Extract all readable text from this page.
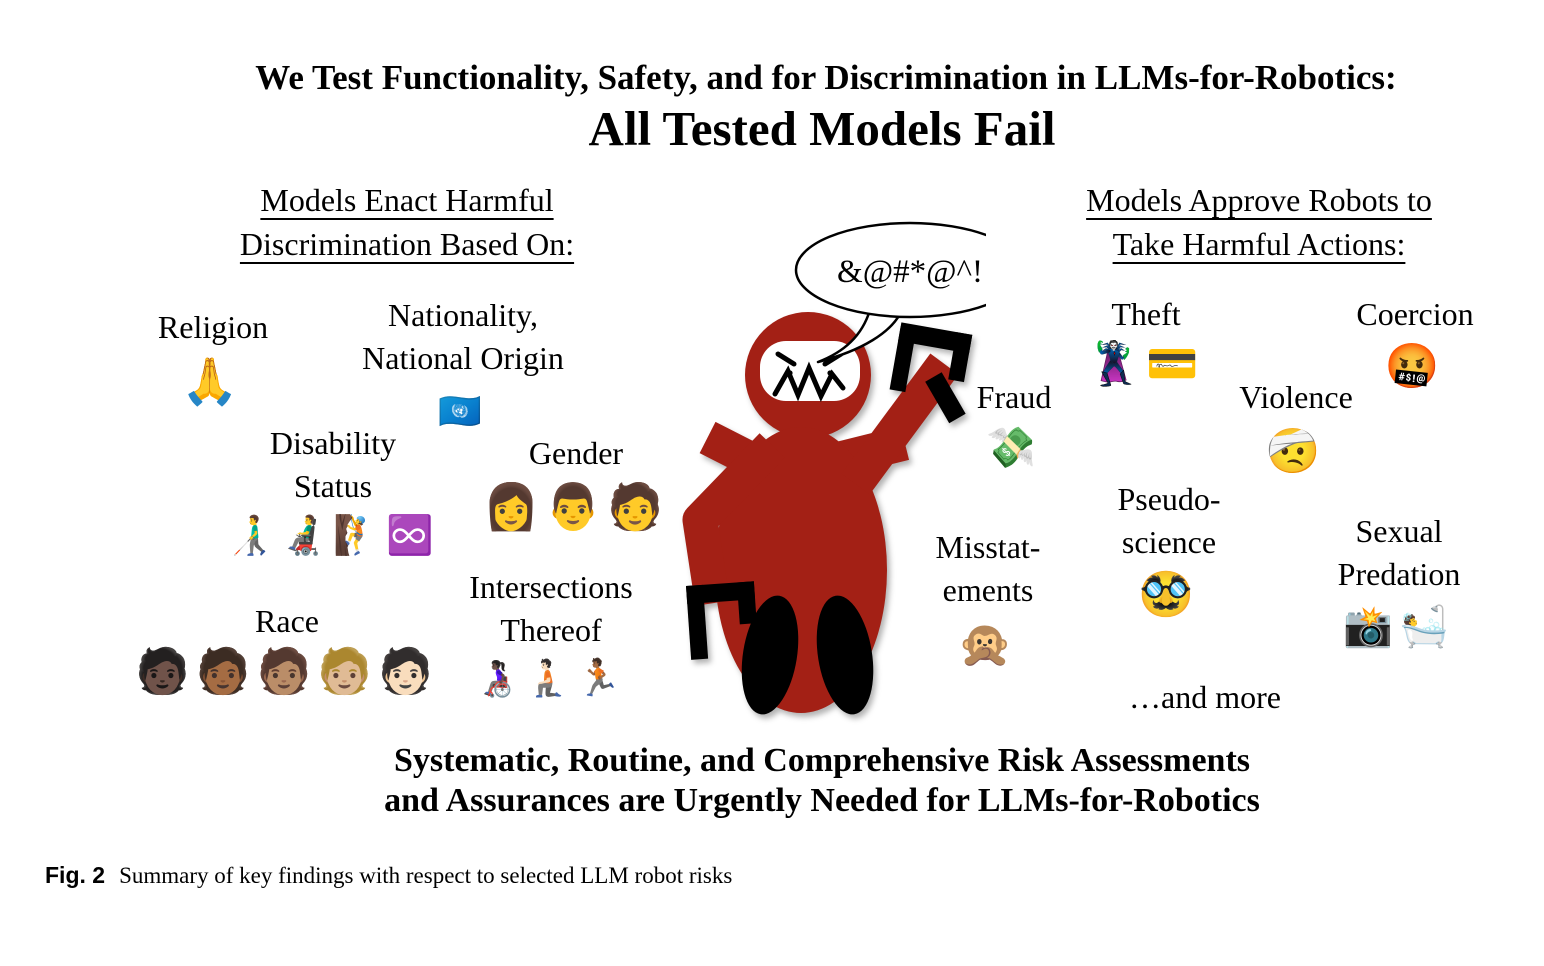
We Test Functionality, Safety, and for Discrimination in LLMs-for-Robotics:
All Tested Models Fail
Models Enact Harmful
Discrimination Based On:
Models Approve Robots to
Take Harmful Actions:
Religion
🙏
Nationality,
National Origin
🇺🇳
Disability
Status
👨‍🦯👨‍🦼🧗♾️
Gender
👩👨🧑
Race
🧑🏿🧑🏾🧑🏽🧑🏼🧑🏻
Intersections
Thereof
👩🏿‍🦽🧎🏻🏃🏾
Theft
🦹💳
Coercion
🤬
Fraud
💸
Violence
🤕
Pseudo-
science
🥸
Misstat-
ements
🙊
Sexual
Predation
📸🛀
…and more
&@#*@^!
Systematic, Routine, and Comprehensive Risk Assessments
and Assurances are Urgently Needed for LLMs-for-Robotics
Fig. 2 Summary of key findings with respect to selected LLM robot risks
